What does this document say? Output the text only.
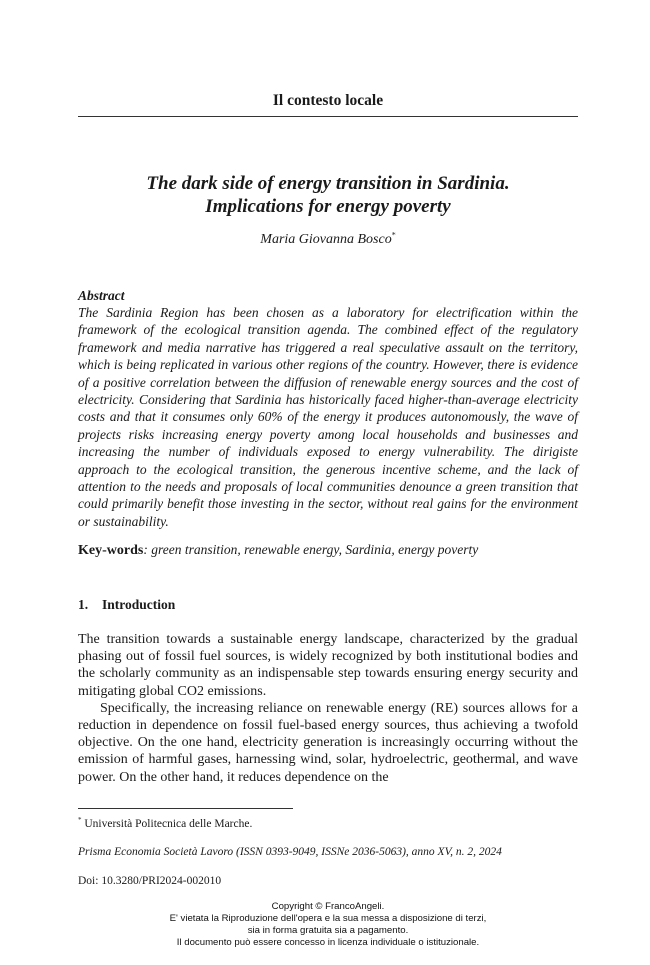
Il contesto locale
The dark side of energy transition in Sardinia.
Implications for energy poverty
Maria Giovanna Bosco*
Abstract

The Sardinia Region has been chosen as a laboratory for electrification within the framework of the ecological transition agenda. The combined effect of the regulatory framework and media narrative has triggered a real speculative assault on the territory, which is being replicated in various other regions of the country. However, there is evidence of a positive correlation between the diffusion of renewable energy sources and the cost of electricity. Considering that Sardinia has historically faced higher-than-average electricity costs and that it consumes only 60% of the energy it produces autonomously, the wave of projects risks increasing energy poverty among local households and businesses and increasing the number of individuals exposed to energy vulnerability. The dirigiste approach to the ecological transition, the generous incentive scheme, and the lack of attention to the needs and proposals of local communities denounce a green transition that could primarily benefit those investing in the sector, without real gains for the environment or sustainability.

Key-words: green transition, renewable energy, Sardinia, energy poverty

1. Introduction

The transition towards a sustainable energy landscape, characterized by the gradual phasing out of fossil fuel sources, is widely recognized by both institutional bodies and the scholarly community as an indispensable step towards ensuring energy security and mitigating global CO2 emissions.

Specifically, the increasing reliance on renewable energy (RE) sources allows for a reduction in dependence on fossil fuel-based energy sources, thus achieving a twofold objective. On the one hand, electricity generation is increasingly occurring without the emission of harmful gases, harnessing wind, solar, hydroelectric, geothermal, and wave power. On the other hand, it reduces dependence on the

* Università Politecnica delle Marche.
Prisma Economia Società Lavoro (ISSN 0393-9049, ISSNe 2036-5063), anno XV, n. 2, 2024
Doi: 10.3280/PRI2024-002010
Copyright © FrancoAngeli.
E' vietata la Riproduzione dell'opera e la sua messa a disposizione di terzi,
sia in forma gratuita sia a pagamento.
Il documento può essere concesso in licenza individuale o istituzionale.
